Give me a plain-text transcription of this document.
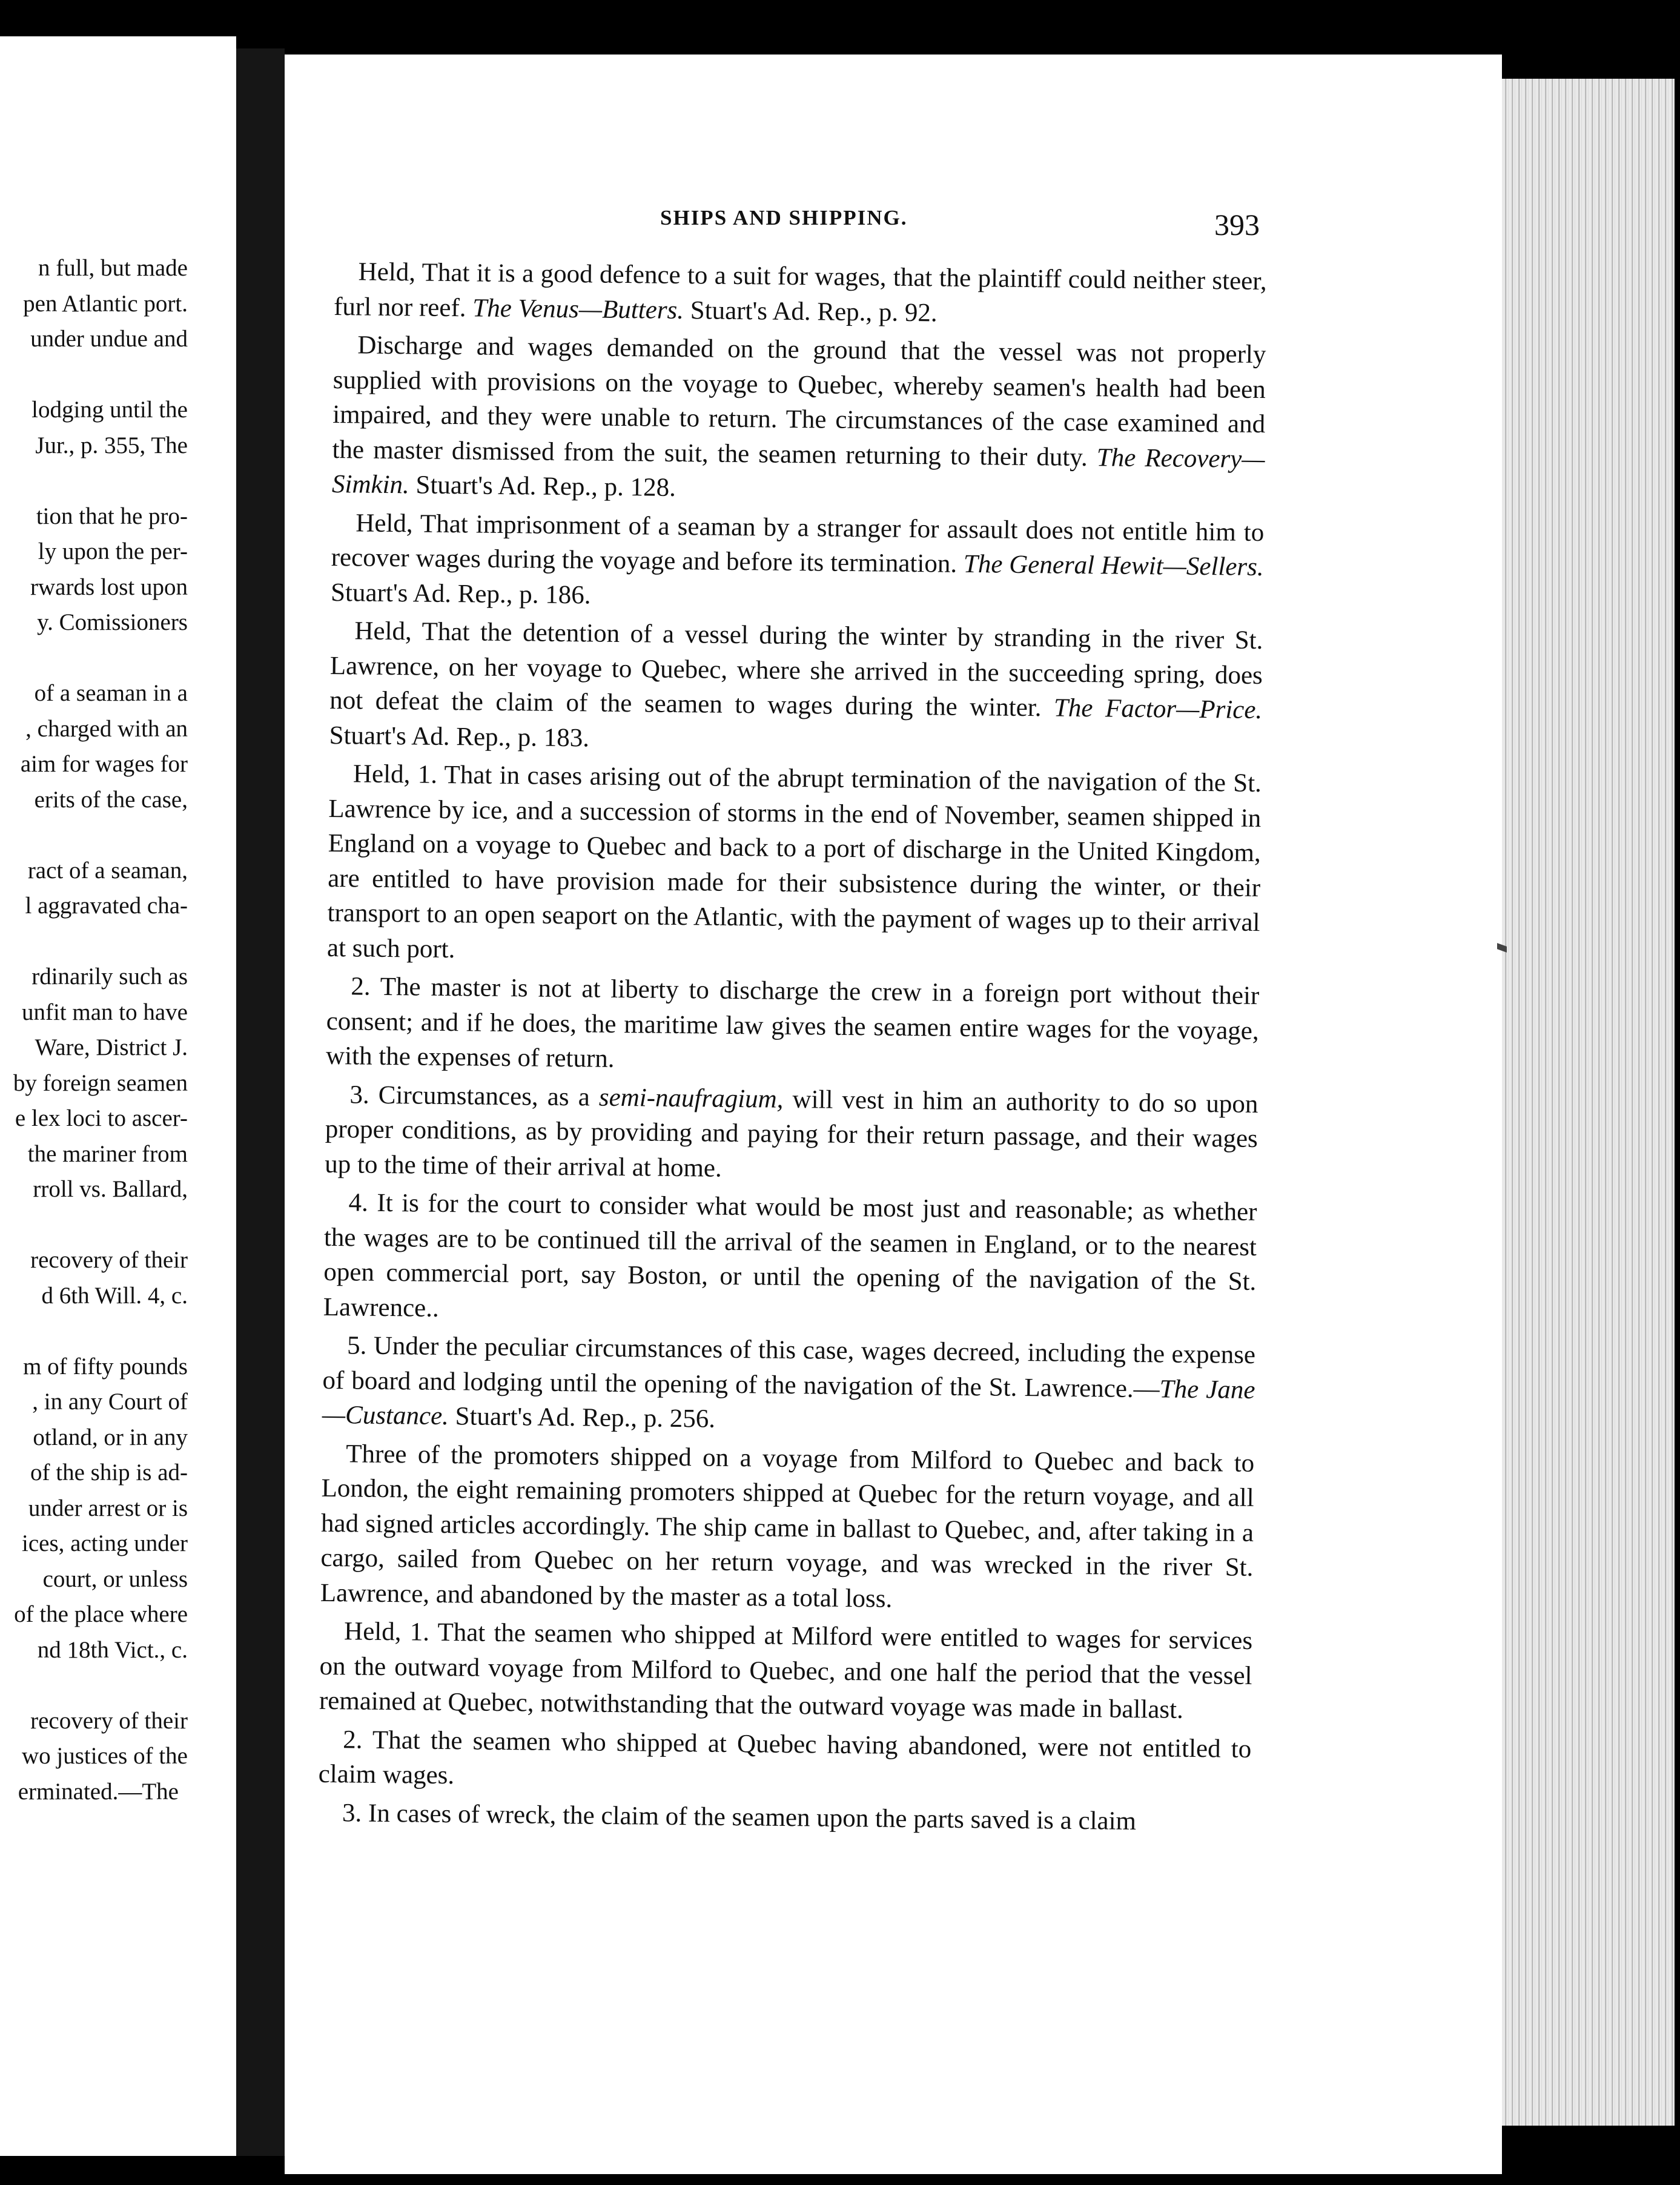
n full, but made
pen Atlantic port.
under undue and
lodging until the
Jur., p. 355, The
tion that he pro-
ly upon the per-
rwards lost upon
y. Comissioners
of a seaman in a
, charged with an
aim for wages for
erits of the case,
ract of a seaman,
l aggravated cha-
rdinarily such as
unfit man to have
Ware, District J.
by foreign seamen
e lex loci to ascer-
the mariner from
rroll vs. Ballard,
recovery of their
d 6th Will. 4, c.
m of fifty pounds
, in any Court of
otland, or in any
of the ship is ad-
under arrest or is
ices, acting under
court, or unless
of the place where
nd 18th Vict., c.
recovery of their
wo justices of the
erminated.—The
SHIPS AND SHIPPING.	393

Held, That it is a good defence to a suit for wages, that the plaintiff could neither steer, furl nor reef. The Venus—Butters. Stuart's Ad. Rep., p. 92.

Discharge and wages demanded on the ground that the vessel was not properly supplied with provisions on the voyage to Quebec, whereby seamen's health had been impaired, and they were unable to return. The circumstances of the case examined and the master dismissed from the suit, the seamen returning to their duty. The Recovery—Simkin. Stuart's Ad. Rep., p. 128.

Held, That imprisonment of a seaman by a stranger for assault does not entitle him to recover wages during the voyage and before its termination. The General Hewit—Sellers. Stuart's Ad. Rep., p. 186.

Held, That the detention of a vessel during the winter by stranding in the river St. Lawrence, on her voyage to Quebec, where she arrived in the succeeding spring, does not defeat the claim of the seamen to wages during the winter. The Factor—Price. Stuart's Ad. Rep., p. 183.

Held, 1. That in cases arising out of the abrupt termination of the navigation of the St. Lawrence by ice, and a succession of storms in the end of November, seamen shipped in England on a voyage to Quebec and back to a port of discharge in the United Kingdom, are entitled to have provision made for their subsistence during the winter, or their transport to an open seaport on the Atlantic, with the payment of wages up to their arrival at such port.

2. The master is not at liberty to discharge the crew in a foreign port without their consent; and if he does, the maritime law gives the seamen entire wages for the voyage, with the expenses of return.

3. Circumstances, as a semi-naufragium, will vest in him an authority to do so upon proper conditions, as by providing and paying for their return passage, and their wages up to the time of their arrival at home.

4. It is for the court to consider what would be most just and reasonable; as whether the wages are to be continued till the arrival of the seamen in England, or to the nearest open commercial port, say Boston, or until the opening of the navigation of the St. Lawrence..

5. Under the peculiar circumstances of this case, wages decreed, including the expense of board and lodging until the opening of the navigation of the St. Lawrence.—The Jane—Custance. Stuart's Ad. Rep., p. 256.

Three of the promoters shipped on a voyage from Milford to Quebec and back to London, the eight remaining promoters shipped at Quebec for the return voyage, and all had signed articles accordingly. The ship came in ballast to Quebec, and, after taking in a cargo, sailed from Quebec on her return voyage, and was wrecked in the river St. Lawrence, and abandoned by the master as a total loss.

Held, 1. That the seamen who shipped at Milford were entitled to wages for services on the outward voyage from Milford to Quebec, and one half the period that the vessel remained at Quebec, notwithstanding that the outward voyage was made in ballast.

2. That the seamen who shipped at Quebec having abandoned, were not entitled to claim wages.

3. In cases of wreck, the claim of the seamen upon the parts saved is a claim
